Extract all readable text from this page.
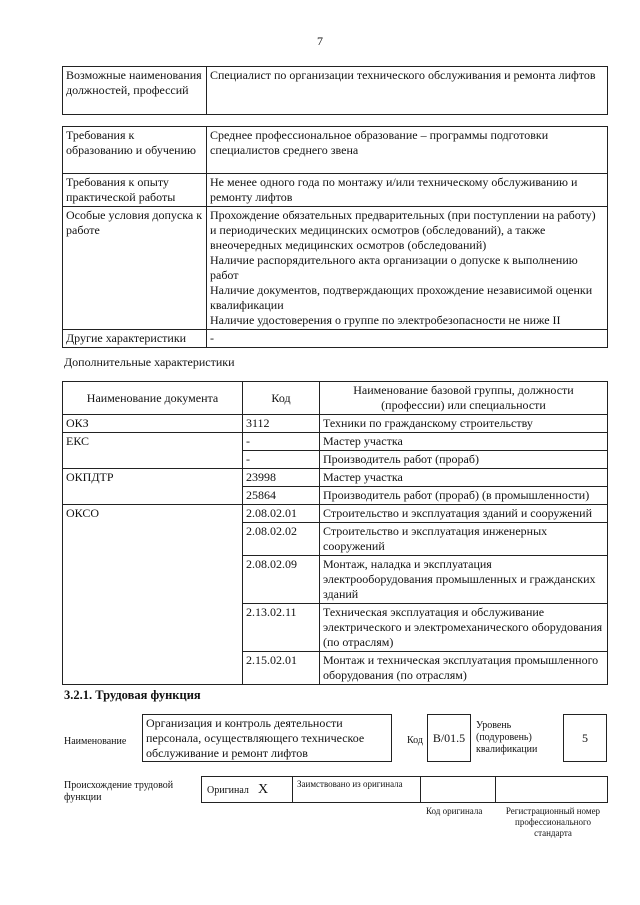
7
Возможные наименования должностей, профессий	Специалист по организации технического обслуживания и ремонта лифтов
Требования к образованию и обучению	Среднее профессиональное образование – программы подготовки специалистов среднего звена
Требования к опыту практической работы	Не менее одного года по монтажу и/или техническому обслуживанию и ремонту лифтов
Особые условия допуска к работе	Прохождение обязательных предварительных (при поступлении на работу) и периодических медицинских осмотров (обследований), а также внеочередных медицинских осмотров (обследований)
Наличие распорядительного акта организации о допуске к выполнению работ
Наличие документов, подтверждающих прохождение независимой оценки квалификации
Наличие удостоверения о группе по электробезопасности не ниже II

Другие характеристики	-
Дополнительные характеристики
Наименование документа	Код	Наименование базовой группы, должности (профессии) или специальности
ОКЗ	3112	Техники по гражданскому строительству
ЕКС	-	Мастер участка
	-	Производитель работ (прораб)
ОКПДТР	23998	Мастер участка
	25864	Производитель работ (прораб) (в промышленности)
ОКСО	2.08.02.01	Строительство и эксплуатация зданий и сооружений
	2.08.02.02	Строительство и эксплуатация инженерных сооружений
	2.08.02.09	Монтаж, наладка и эксплуатация электрооборудования промышленных и гражданских зданий
	2.13.02.11	Техническая эксплуатация и обслуживание электрического и электромеханического оборудования (по отраслям)
	2.15.02.01	Монтаж и техническая эксплуатация промышленного оборудования (по отраслям)
3.2.1. Трудовая функция
Наименование
Организация и контроль деятельности персонала, осуществляющего техническое обслуживание и ремонт лифтов
Код B/01.5
Уровень (подуровень) квалификации
5
Происхождение трудовой функции
Оригинал X	Заимствовано из оригинала
Код оригинала	Регистрационный номер профессионального стандарта
